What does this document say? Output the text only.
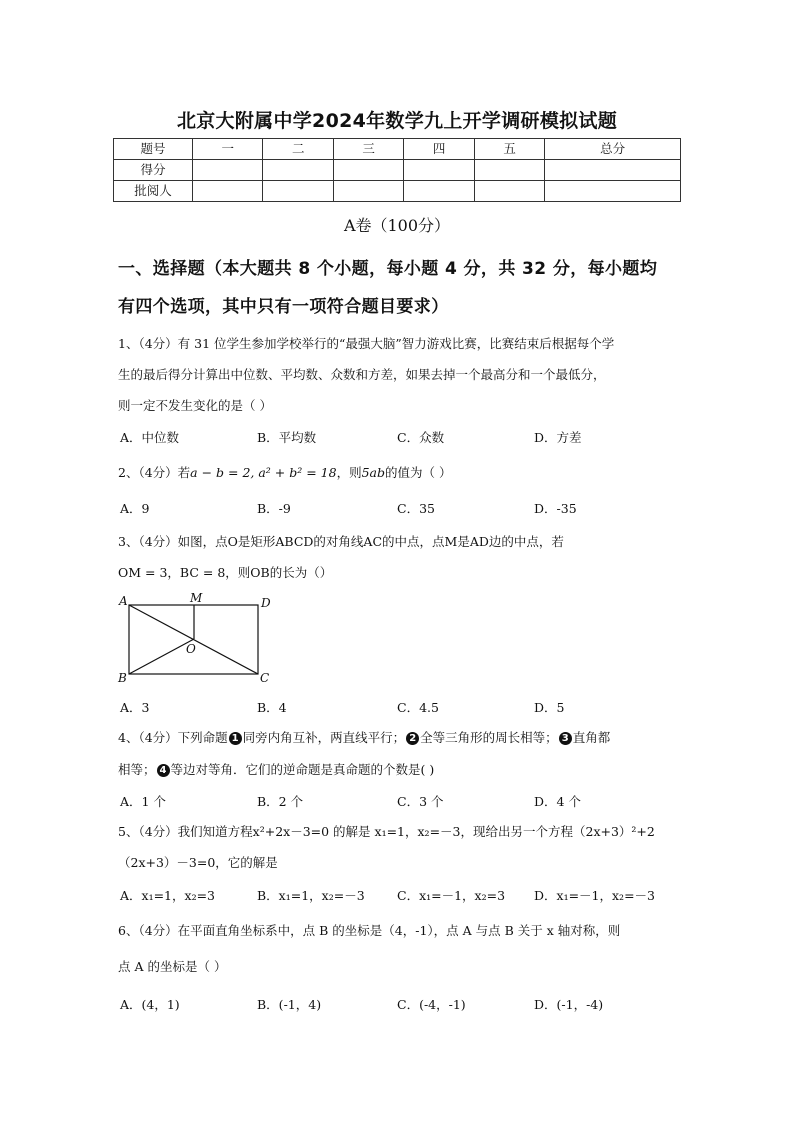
北京大附属中学2024年数学九上开学调研模拟试题
题号	一	二	三	四	五	总分
得分						
批阅人						
A卷（100分）
一、选择题（本大题共 8 个小题，每小题 4 分，共 32 分，每小题均
有四个选项，其中只有一项符合题目要求）
1、（4分）有 31 位学生参加学校举行的“最强大脑”智力游戏比赛，比赛结束后根据每个学
生的最后得分计算出中位数、平均数、众数和方差，如果去掉一个最高分和一个最低分，
则一定不发生变化的是（ ）
A．中位数	B．平均数	C．众数	D．方差
2、（4分）若a − b = 2, a² + b² = 18，则5ab的值为（ ）
A．9	B．-9	C．35	D．-35
3、（4分）如图，点O是矩形ABCD的对角线AC的中点，点M是AD边的中点，若
OM = 3，BC = 8，则OB的长为（）
A	M	D
O
B	C
A．3	B．4	C．4.5	D．5
4、（4分）下列命题 1 同旁内角互补，两直线平行； 2 全等三角形的周长相等； 3 直角都
相等； 4 等边对等角．它们的逆命题是真命题的个数是( )
A．1 个	B．2 个	C．3 个	D．4 个
5、（4分）我们知道方程x²+2x－3=0 的解是 x₁=1，x₂=－3，现给出另一个方程（2x+3）²+2
（2x+3）－3=0，它的解是
A．x₁=1，x₂=3	B．x₁=1，x₂=－3	C．x₁=－1，x₂=3 D．x₁=－1，x₂=－3
6、（4分）在平面直角坐标系中，点 B 的坐标是（4，-1），点 A 与点 B 关于 x 轴对称，则
点 A 的坐标是（ ）
A．(4，1)	B．(-1，4)	C．(-4，-1)	D．(-1，-4)
